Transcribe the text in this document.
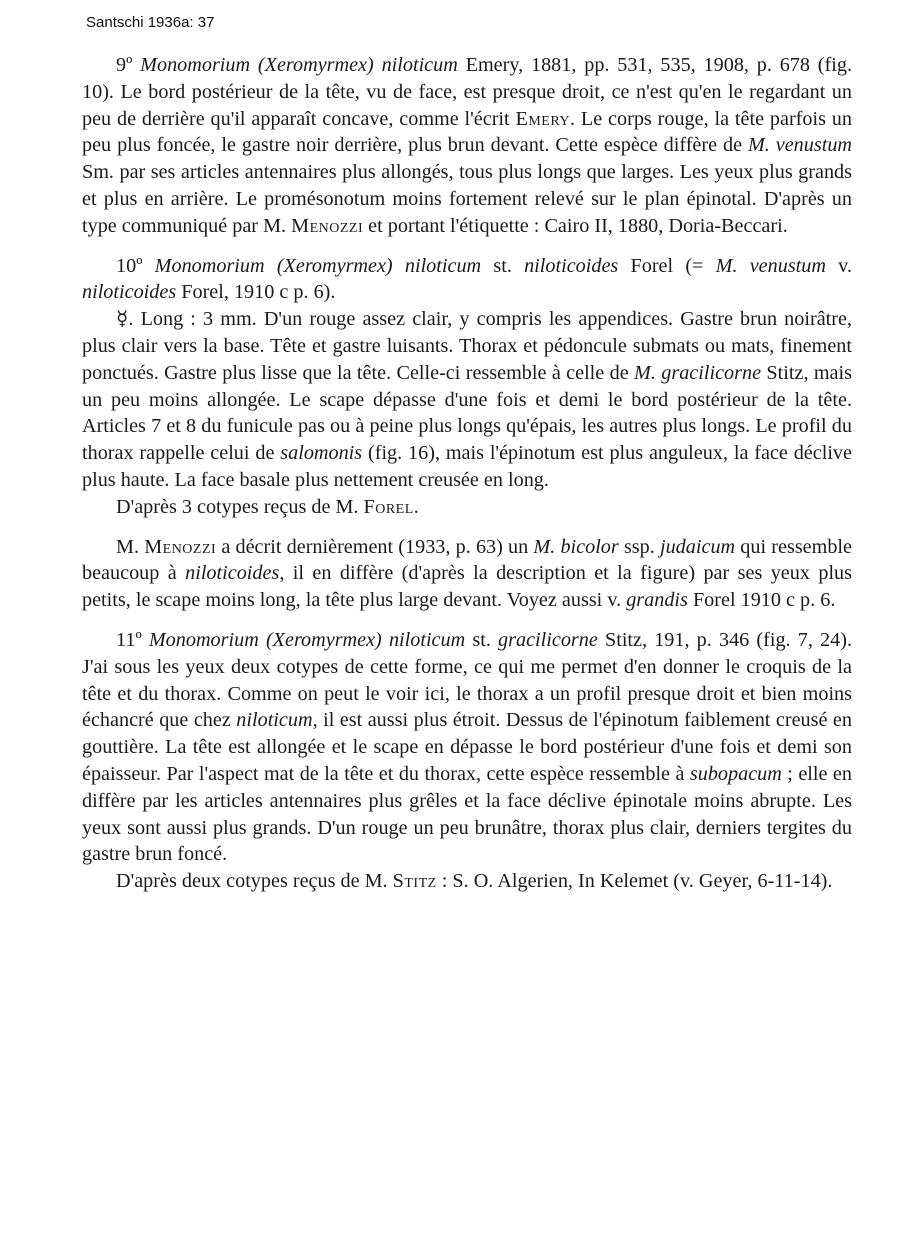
Santschi 1936a: 37

9º Monomorium (Xeromyrmex) niloticum Emery, 1881, pp. 531, 535, 1908, p. 678 (fig. 10). Le bord postérieur de la tête, vu de face, est presque droit, ce n'est qu'en le regardant un peu de derrière qu'il apparaît concave, comme l'écrit Emery. Le corps rouge, la tête parfois un peu plus foncée, le gastre noir derrière, plus brun devant. Cette espèce diffère de M. venustum Sm. par ses articles antennaires plus allongés, tous plus longs que larges. Les yeux plus grands et plus en arrière. Le promésonotum moins fortement relevé sur le plan épinotal. D'après un type communiqué par M. Menozzi et portant l'étiquette : Cairo II, 1880, Doria-Beccari.

10º Monomorium (Xeromyrmex) niloticum st. niloticoides Forel (= M. venustum v. niloticoides Forel, 1910 c p. 6).

☿. Long : 3 mm. D'un rouge assez clair, y compris les appendices. Gastre brun noirâtre, plus clair vers la base. Tête et gastre luisants. Thorax et pédoncule submats ou mats, finement ponctués. Gastre plus lisse que la tête. Celle-ci ressemble à celle de M. gracilicorne Stitz, mais un peu moins allongée. Le scape dépasse d'une fois et demi le bord postérieur de la tête. Articles 7 et 8 du funicule pas ou à peine plus longs qu'épais, les autres plus longs. Le profil du thorax rappelle celui de salomonis (fig. 16), mais l'épinotum est plus anguleux, la face déclive plus haute. La face basale plus nettement creusée en long.

D'après 3 cotypes reçus de M. Forel.

M. Menozzi a décrit dernièrement (1933, p. 63) un M. bicolor ssp. judaicum qui ressemble beaucoup à niloticoides, il en diffère (d'après la description et la figure) par ses yeux plus petits, le scape moins long, la tête plus large devant. Voyez aussi v. grandis Forel 1910 c p. 6.

11º Monomorium (Xeromyrmex) niloticum st. gracilicorne Stitz, 191, p. 346 (fig. 7, 24). J'ai sous les yeux deux cotypes de cette forme, ce qui me permet d'en donner le croquis de la tête et du thorax. Comme on peut le voir ici, le thorax a un profil presque droit et bien moins échancré que chez niloticum, il est aussi plus étroit. Dessus de l'épinotum faiblement creusé en gouttière. La tête est allongée et le scape en dépasse le bord postérieur d'une fois et demi son épaisseur. Par l'aspect mat de la tête et du thorax, cette espèce ressemble à subopacum ; elle en diffère par les articles antennaires plus grêles et la face déclive épinotale moins abrupte. Les yeux sont aussi plus grands. D'un rouge un peu brunâtre, thorax plus clair, derniers tergites du gastre brun foncé.

D'après deux cotypes reçus de M. Stitz : S. O. Algerien, In Kelemet (v. Geyer, 6-11-14).
